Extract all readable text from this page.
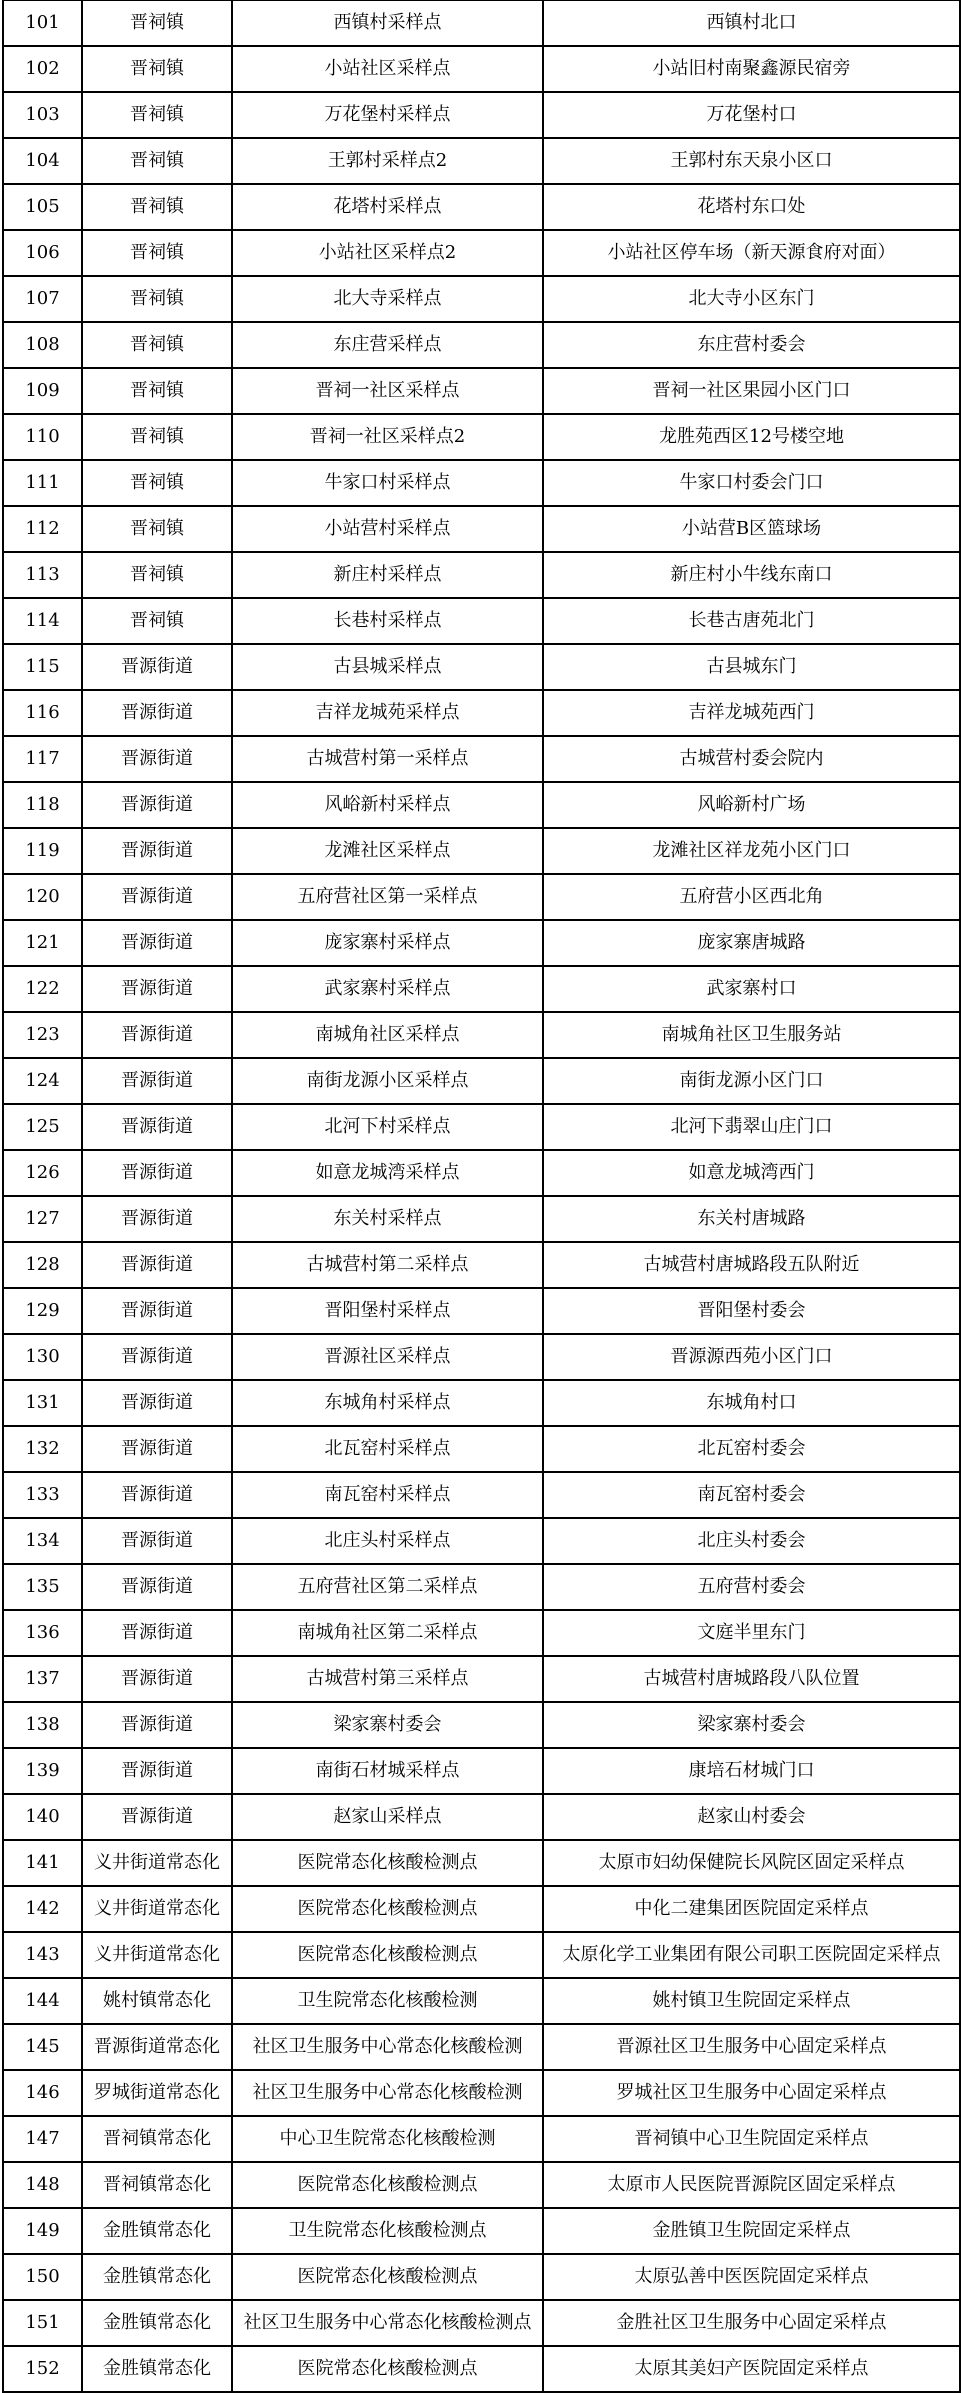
101	晋祠镇	西镇村采样点	西镇村北口
102	晋祠镇	小站社区采样点	小站旧村南聚鑫源民宿旁
103	晋祠镇	万花堡村采样点	万花堡村口
104	晋祠镇	王郭村采样点2	王郭村东天泉小区口
105	晋祠镇	花塔村采样点	花塔村东口处
106	晋祠镇	小站社区采样点2	小站社区停车场（新天源食府对面）
107	晋祠镇	北大寺采样点	北大寺小区东门
108	晋祠镇	东庄营采样点	东庄营村委会
109	晋祠镇	晋祠一社区采样点	晋祠一社区果园小区门口
110	晋祠镇	晋祠一社区采样点2	龙胜苑西区12号楼空地
111	晋祠镇	牛家口村采样点	牛家口村委会门口
112	晋祠镇	小站营村采样点	小站营B区篮球场
113	晋祠镇	新庄村采样点	新庄村小牛线东南口
114	晋祠镇	长巷村采样点	长巷古唐苑北门
115	晋源街道	古县城采样点	古县城东门
116	晋源街道	吉祥龙城苑采样点	吉祥龙城苑西门
117	晋源街道	古城营村第一采样点	古城营村委会院内
118	晋源街道	风峪新村采样点	风峪新村广场
119	晋源街道	龙滩社区采样点	龙滩社区祥龙苑小区门口
120	晋源街道	五府营社区第一采样点	五府营小区西北角
121	晋源街道	庞家寨村采样点	庞家寨唐城路
122	晋源街道	武家寨村采样点	武家寨村口
123	晋源街道	南城角社区采样点	南城角社区卫生服务站
124	晋源街道	南街龙源小区采样点	南街龙源小区门口
125	晋源街道	北河下村采样点	北河下翡翠山庄门口
126	晋源街道	如意龙城湾采样点	如意龙城湾西门
127	晋源街道	东关村采样点	东关村唐城路
128	晋源街道	古城营村第二采样点	古城营村唐城路段五队附近
129	晋源街道	晋阳堡村采样点	晋阳堡村委会
130	晋源街道	晋源社区采样点	晋源源西苑小区门口
131	晋源街道	东城角村采样点	东城角村口
132	晋源街道	北瓦窑村采样点	北瓦窑村委会
133	晋源街道	南瓦窑村采样点	南瓦窑村委会
134	晋源街道	北庄头村采样点	北庄头村委会
135	晋源街道	五府营社区第二采样点	五府营村委会
136	晋源街道	南城角社区第二采样点	文庭半里东门
137	晋源街道	古城营村第三采样点	古城营村唐城路段八队位置
138	晋源街道	梁家寨村委会	梁家寨村委会
139	晋源街道	南街石材城采样点	康培石材城门口
140	晋源街道	赵家山采样点	赵家山村委会
141	义井街道常态化	医院常态化核酸检测点	太原市妇幼保健院长风院区固定采样点
142	义井街道常态化	医院常态化核酸检测点	中化二建集团医院固定采样点
143	义井街道常态化	医院常态化核酸检测点	太原化学工业集团有限公司职工医院固定采样点
144	姚村镇常态化	卫生院常态化核酸检测	姚村镇卫生院固定采样点
145	晋源街道常态化	社区卫生服务中心常态化核酸检测	晋源社区卫生服务中心固定采样点
146	罗城街道常态化	社区卫生服务中心常态化核酸检测	罗城社区卫生服务中心固定采样点
147	晋祠镇常态化	中心卫生院常态化核酸检测	晋祠镇中心卫生院固定采样点
148	晋祠镇常态化	医院常态化核酸检测点	太原市人民医院晋源院区固定采样点
149	金胜镇常态化	卫生院常态化核酸检测点	金胜镇卫生院固定采样点
150	金胜镇常态化	医院常态化核酸检测点	太原弘善中医医院固定采样点
151	金胜镇常态化	社区卫生服务中心常态化核酸检测点	金胜社区卫生服务中心固定采样点
152	金胜镇常态化	医院常态化核酸检测点	太原其美妇产医院固定采样点
